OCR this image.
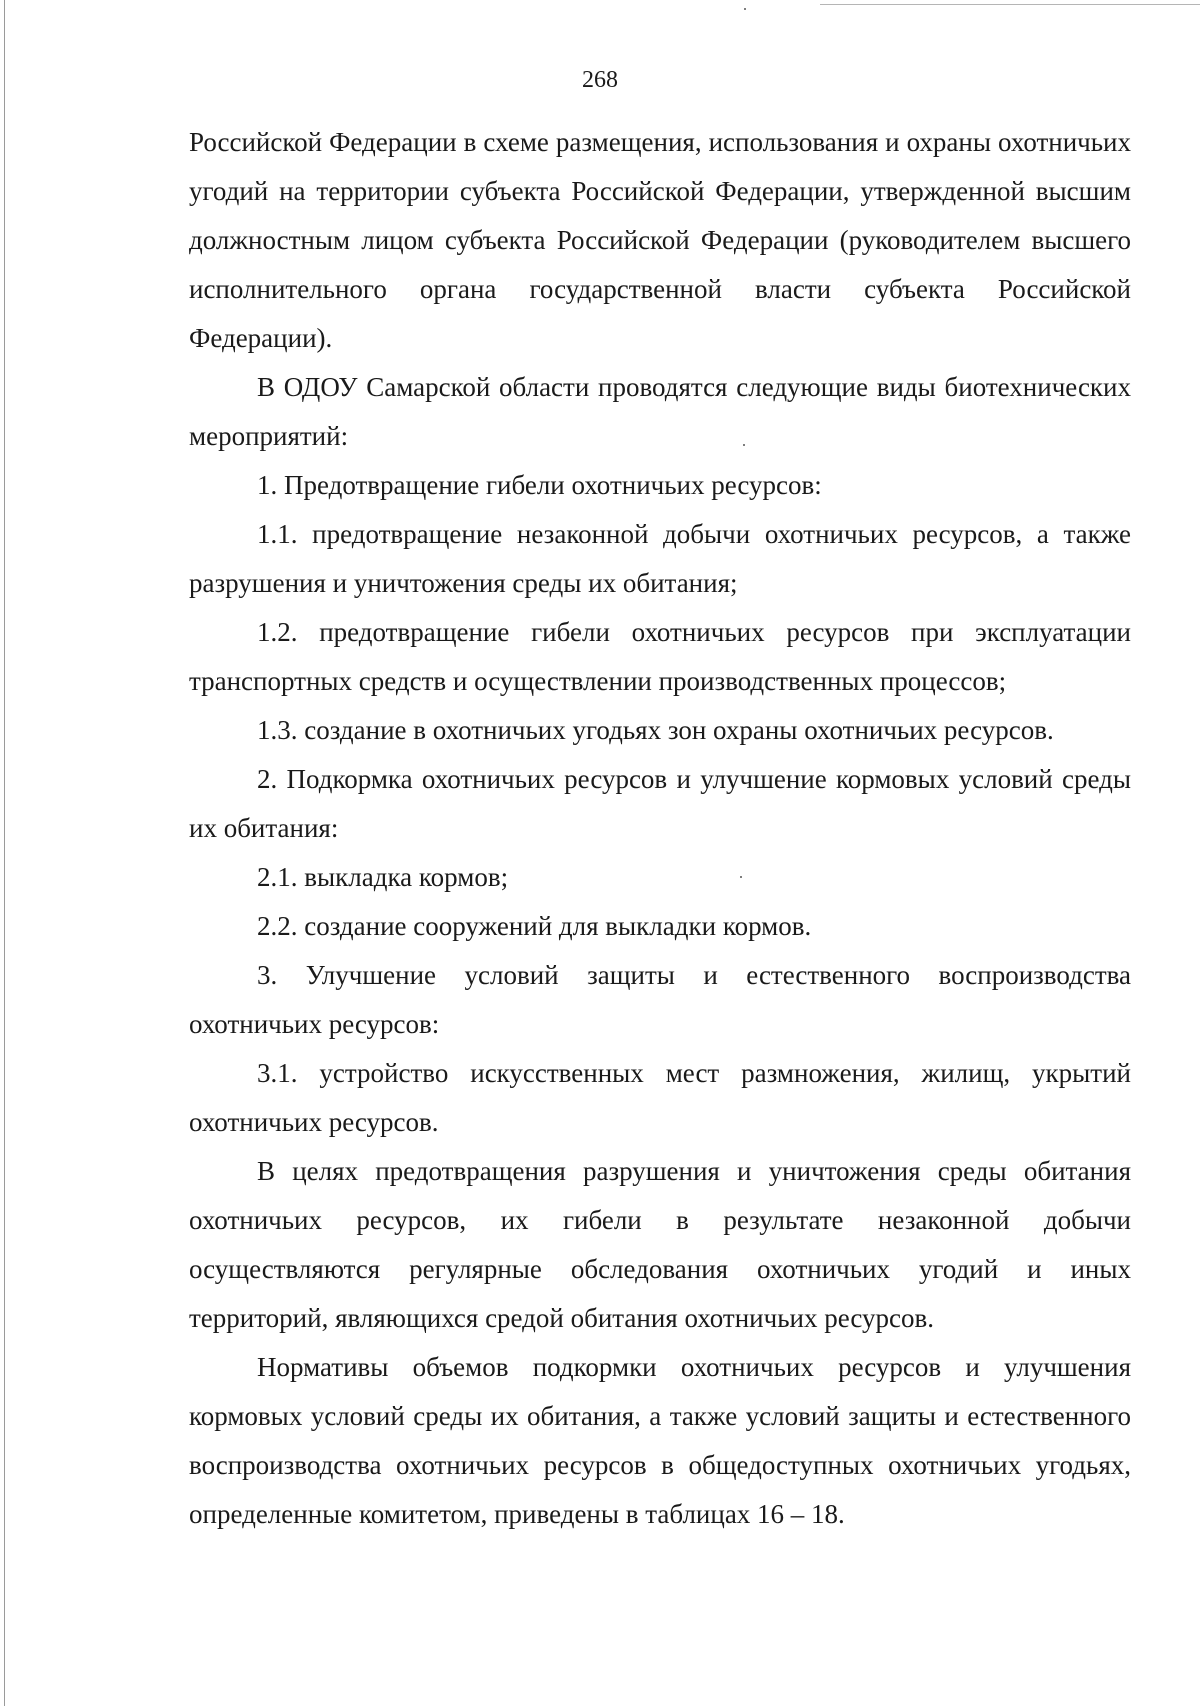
268

Российской Федерации в схеме размещения, использования и охраны охотничьих угодий на территории субъекта Российской Федерации, утвержденной высшим должностным лицом субъекта Российской Федерации (руководителем высшего исполнительного органа государственной власти субъекта Российской Федерации).

В ОДОУ Самарской области проводятся следующие виды биотехнических мероприятий:

1. Предотвращение гибели охотничьих ресурсов:

1.1. предотвращение незаконной добычи охотничьих ресурсов, а также разрушения и уничтожения среды их обитания;

1.2. предотвращение гибели охотничьих ресурсов при эксплуатации транспортных средств и осуществлении производственных процессов;

1.3. создание в охотничьих угодьях зон охраны охотничьих ресурсов.

2. Подкормка охотничьих ресурсов и улучшение кормовых условий среды их обитания:

2.1. выкладка кормов;

2.2. создание сооружений для выкладки кормов.

3. Улучшение условий защиты и естественного воспроизводства охотничьих ресурсов:

3.1. устройство искусственных мест размножения, жилищ, укрытий охотничьих ресурсов.

В целях предотвращения разрушения и уничтожения среды обитания охотничьих ресурсов, их гибели в результате незаконной добычи осуществляются регулярные обследования охотничьих угодий и иных территорий, являющихся средой обитания охотничьих ресурсов.

Нормативы объемов подкормки охотничьих ресурсов и улучшения кормовых условий среды их обитания, а также условий защиты и естественного воспроизводства охотничьих ресурсов в общедоступных охотничьих угодьях, определенные комитетом, приведены в таблицах 16 – 18.
